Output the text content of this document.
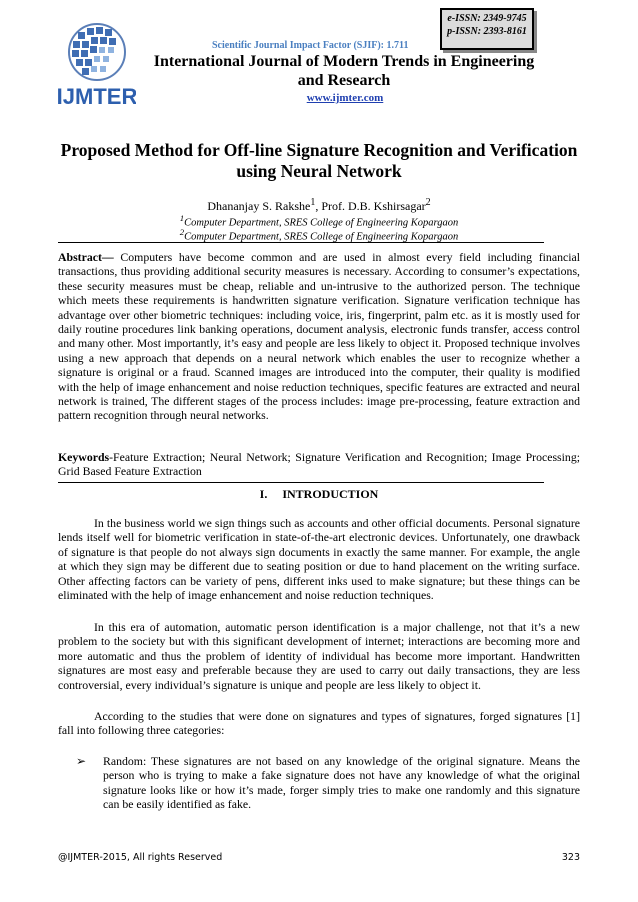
IJMTER
Scientific Journal Impact Factor (SJIF): 1.711
International Journal of Modern Trends in Engineering
and Research
www.ijmter.com
e-ISSN: 2349-9745
p-ISSN: 2393-8161
Proposed Method for Off-line Signature Recognition and Verification
using Neural Network
Dhananjay S. Rakshe$^1$, Prof. D.B. Kshirsagar$^2$
$^1$Computer Department, SRES College of Engineering Kopargaon
$^2$Computer Department, SRES College of Engineering Kopargaon
Abstract— Computers have become common and are used in almost every field including financial transactions, thus providing additional security measures is necessary. According to consumer’s expectations, these security measures must be cheap, reliable and un-intrusive to the authorized person. The technique which meets these requirements is handwritten signature verification. Signature verification technique has advantage over other biometric techniques: including voice, iris, fingerprint, palm etc. as it is mostly used for daily routine procedures link banking operations, document analysis, electronic funds transfer, access control and many other. Most importantly, it’s easy and people are less likely to object it. Proposed technique involves using a new approach that depends on a neural network which enables the user to recognize whether a signature is original or a fraud. Scanned images are introduced into the computer, their quality is modified with the help of image enhancement and noise reduction techniques, specific features are extracted and neural network is trained, The different stages of the process includes: image pre-processing, feature extraction and pattern recognition through neural networks.
Keywords-Feature Extraction; Neural Network; Signature Verification and Recognition; Image Processing; Grid Based Feature Extraction
I. INTRODUCTION
In the business world we sign things such as accounts and other official documents. Personal signature lends itself well for biometric verification in state-of-the-art electronic devices. Unfortunately, one drawback of signature is that people do not always sign documents in exactly the same manner. For example, the angle at which they sign may be different due to seating position or due to hand placement on the writing surface. Other affecting factors can be variety of pens, different inks used to make signature; but these things can be eliminated with the help of image enhancement and noise reduction techniques.
In this era of automation, automatic person identification is a major challenge, not that it’s a new problem to the society but with this significant development of internet; interactions are becoming more and more automatic and thus the problem of identity of individual has become more important. Handwritten signatures are most easy and preferable because they are used to carry out daily transactions, they are less controversial, every individual’s signature is unique and people are less likely to object it.
According to the studies that were done on signatures and types of signatures, forged signatures [1] fall into following three categories:
➢ Random: These signatures are not based on any knowledge of the original signature. Means the person who is trying to make a fake signature does not have any knowledge of what the original signature looks like or how it’s made, forger simply tries to make one randomly and this signature can be easily identified as fake.
@IJMTER-2015, All rights Reserved	323
